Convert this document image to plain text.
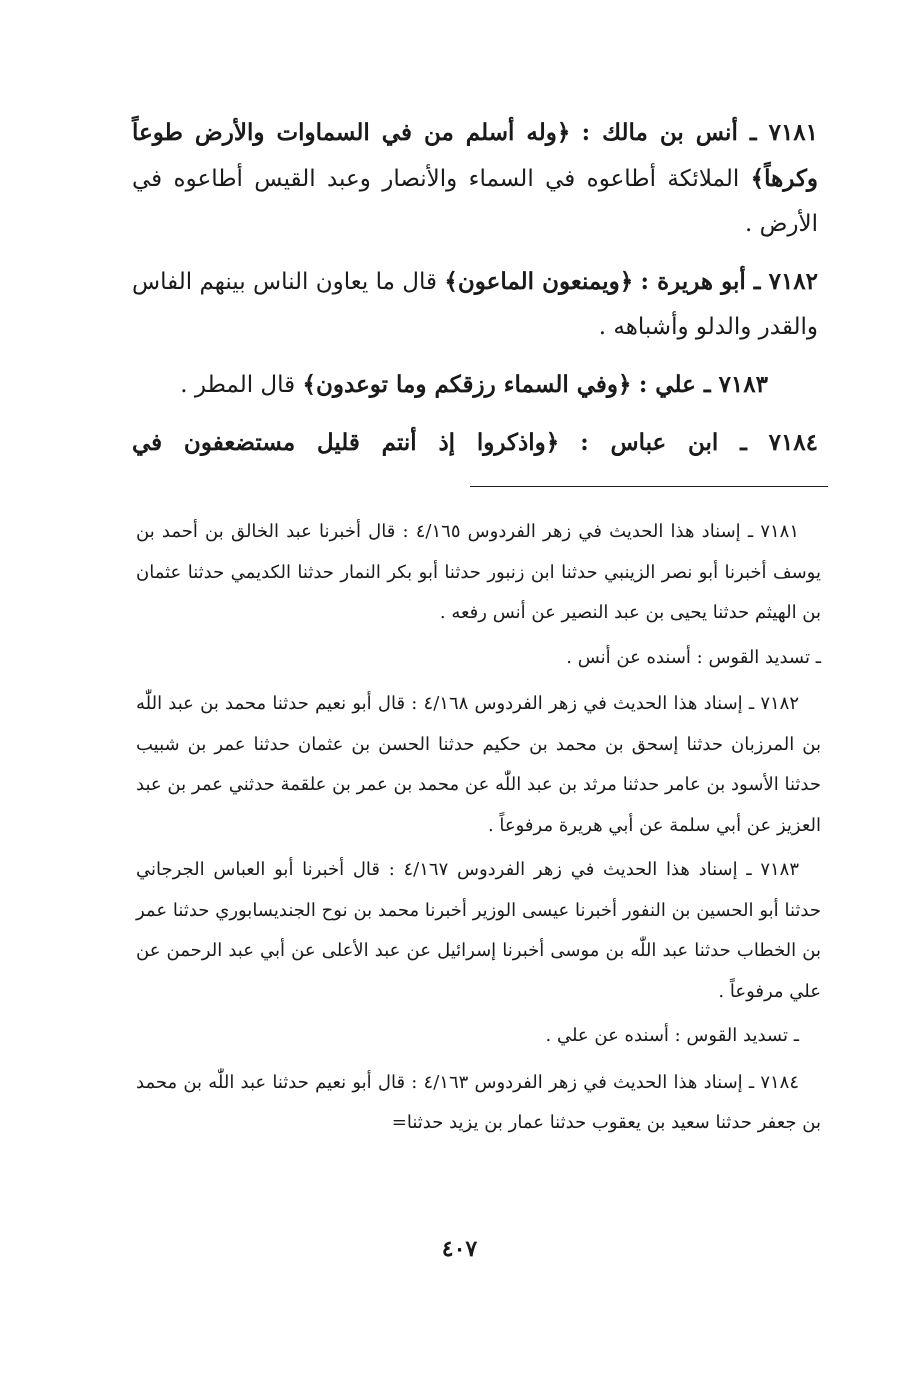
٧١٨١ ـ أنس بن مالك : ﴿وله أسلم من في السماوات والأرض طوعاً وكرهاً﴾ الملائكة أطاعوه في السماء والأنصار وعبد القيس أطاعوه في الأرض .

٧١٨٢ ـ أبو هريرة : ﴿ويمنعون الماعون﴾ قال ما يعاون الناس بينهم الفاس والقدر والدلو وأشباهه .

٧١٨٣ ـ علي : ﴿وفي السماء رزقكم وما توعدون﴾ قال المطر .

٧١٨٤ ـ ابن عباس : ﴿واذكروا إذ أنتم قليل مستضعفون في

٧١٨١ ـ إسناد هذا الحديث في زهر الفردوس ٤/١٦٥ : قال أخبرنا عبد الخالق بن أحمد بن يوسف أخبرنا أبو نصر الزينبي حدثنا ابن زنبور حدثنا أبو بكر النمار حدثنا الكديمي حدثنا عثمان بن الهيثم حدثنا يحيى بن عبد النصير عن أنس رفعه .

ـ تسديد القوس : أسنده عن أنس .

٧١٨٢ ـ إسناد هذا الحديث في زهر الفردوس ٤/١٦٨ : قال أبو نعيم حدثنا محمد بن عبد اللّٰه بن المرزبان حدثنا إسحق بن محمد بن حكيم حدثنا الحسن بن عثمان حدثنا عمر بن شبيب حدثنا الأسود بن عامر حدثنا مرثد بن عبد اللّٰه عن محمد بن عمر بن علقمة حدثني عمر بن عبد العزيز عن أبي سلمة عن أبي هريرة مرفوعاً .

٧١٨٣ ـ إسناد هذا الحديث في زهر الفردوس ٤/١٦٧ : قال أخبرنا أبو العباس الجرجاني حدثنا أبو الحسين بن النفور أخبرنا عيسى الوزير أخبرنا محمد بن نوح الجنديسابوري حدثنا عمر بن الخطاب حدثنا عبد اللّٰه بن موسى أخبرنا إسرائيل عن عبد الأعلى عن أبي عبد الرحمن عن علي مرفوعاً .

ـ تسديد القوس : أسنده عن علي .

٧١٨٤ ـ إسناد هذا الحديث في زهر الفردوس ٤/١٦٣ : قال أبو نعيم حدثنا عبد اللّٰه بن محمد بن جعفر حدثنا سعيد بن يعقوب حدثنا عمار بن يزيد حدثنا=

٤٠٧
